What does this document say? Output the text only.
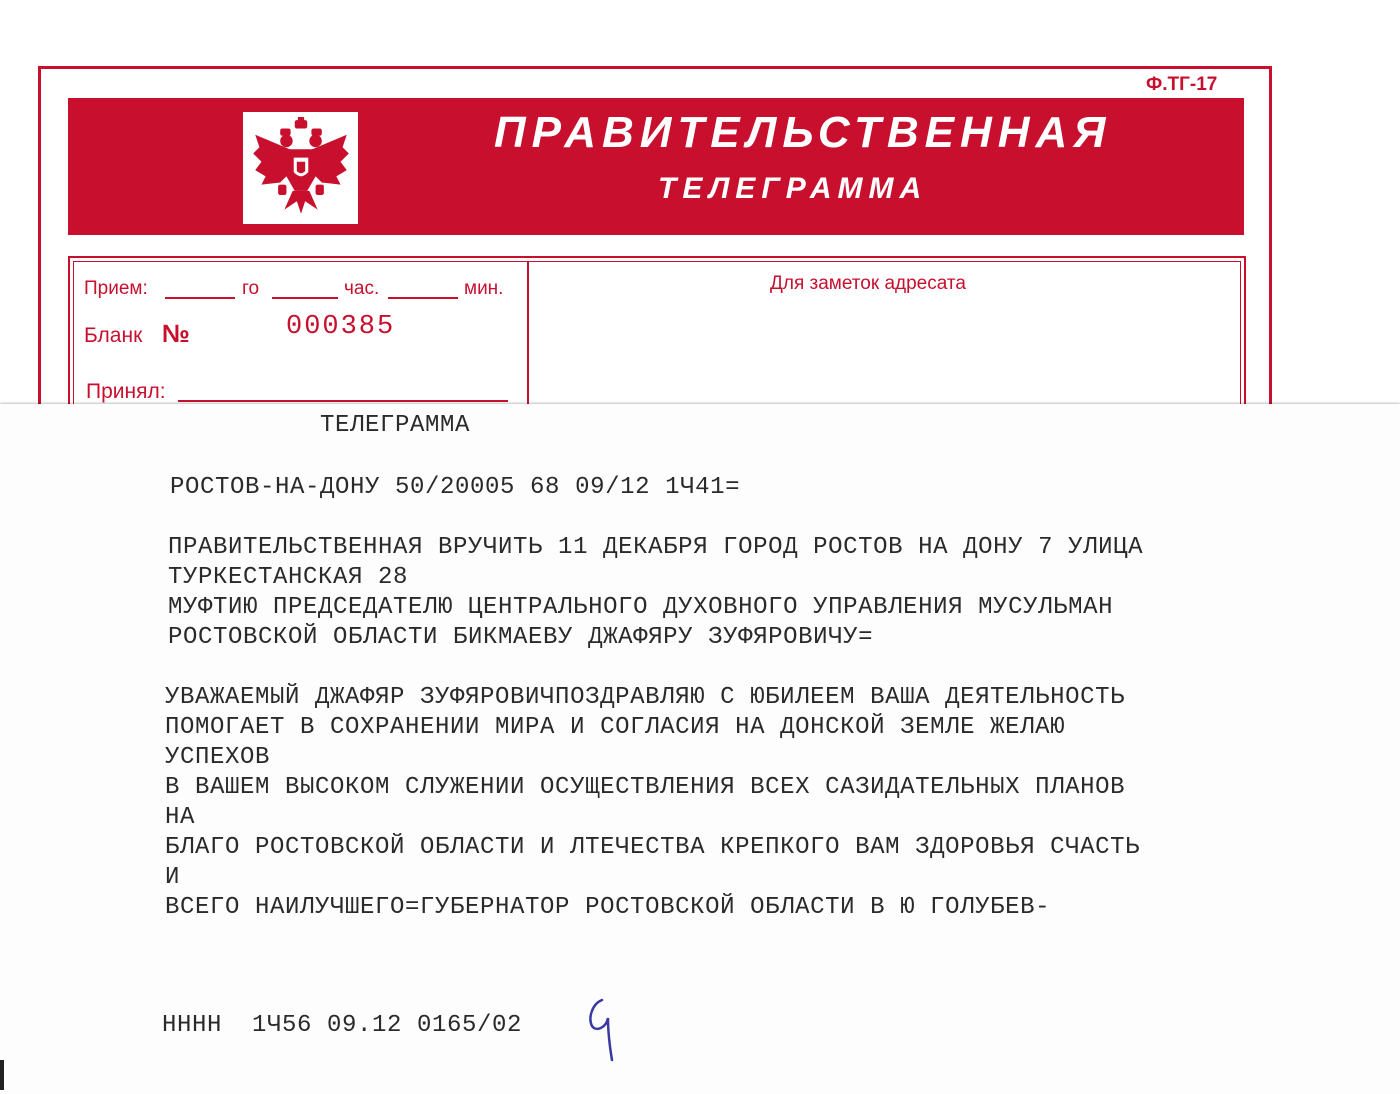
Ф.ТГ-17
ПРАВИТЕЛЬСТВЕННАЯ
ТЕЛЕГРАММА
Прием:	го	час.	мин.
Бланк №	000385
Принял:
Для заметок адресата

ТЕЛЕГРАММА

РОСТОВ-НА-ДОНУ 50/20005 68 09/12 1Ч41=

ПРАВИТЕЛЬСТВЕННАЯ ВРУЧИТЬ 11 ДЕКАБРЯ ГОРОД РОСТОВ НА ДОНУ 7 УЛИЦА

ТУРКЕСТАНСКАЯ 28

МУФТИЮ ПРЕДСЕДАТЕЛЮ ЦЕНТРАЛЬНОГО ДУХОВНОГО УПРАВЛЕНИЯ МУСУЛЬМАН

РОСТОВСКОЙ ОБЛАСТИ БИКМАЕВУ ДЖАФЯРУ ЗУФЯРОВИЧУ=

УВАЖАЕМЫЙ ДЖАФЯР ЗУФЯРОВИЧПОЗДРАВЛЯЮ С ЮБИЛЕЕМ ВАША ДЕЯТЕЛЬНОСТЬ

ПОМОГАЕТ В СОХРАНЕНИИ МИРА И СОГЛАСИЯ НА ДОНСКОЙ ЗЕМЛЕ ЖЕЛАЮ

УСПЕХОВ

В ВАШЕМ ВЫСОКОМ СЛУЖЕНИИ ОСУЩЕСТВЛЕНИЯ ВСЕХ САЗИДАТЕЛЬНЫХ ПЛАНОВ

НА

БЛАГО РОСТОВСКОЙ ОБЛАСТИ И ЛТЕЧЕСТВА КРЕПКОГО ВАМ ЗДОРОВЬЯ СЧАСТЬ

И

ВСЕГО НАИЛУЧШЕГО=ГУБЕРНАТОР РОСТОВСКОЙ ОБЛАСТИ В Ю ГОЛУБЕВ-

НННН  1Ч56 09.12 0165/02
